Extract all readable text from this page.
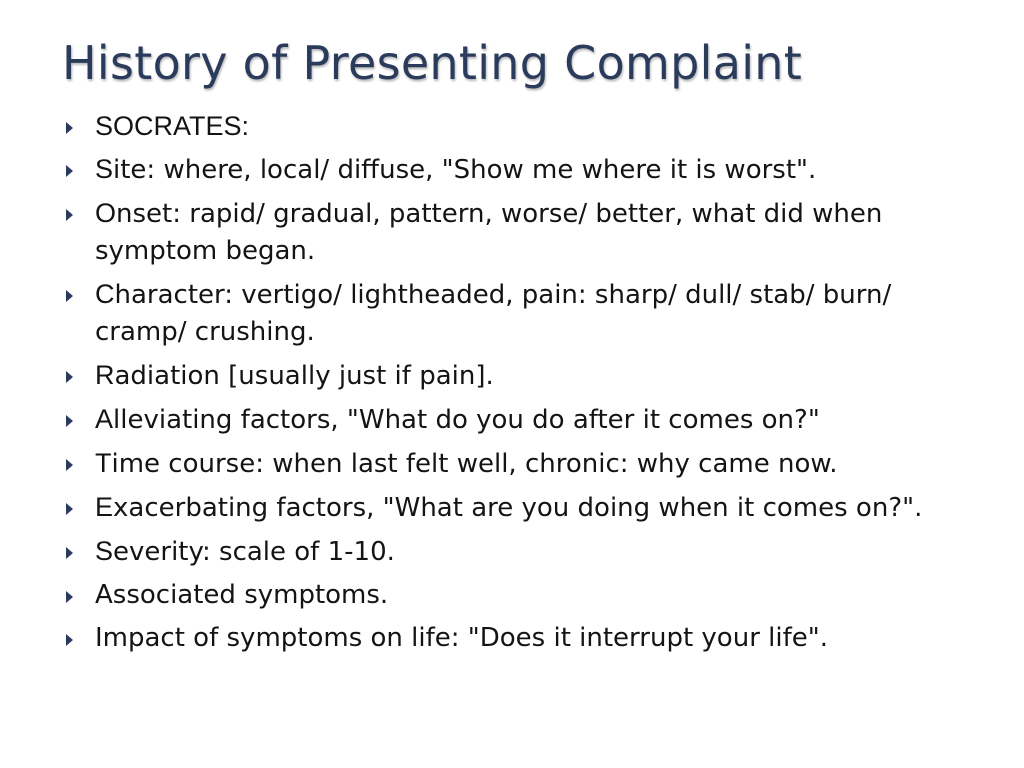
History of Presenting Complaint
SOCRATES:
Site: where, local/ diffuse, "Show me where it is worst".
Onset: rapid/ gradual, pattern, worse/ better, what did when symptom began.
Character: vertigo/ lightheaded, pain: sharp/ dull/ stab/ burn/ cramp/ crushing.
Radiation [usually just if pain].
Alleviating factors, "What do you do after it comes on?"
Time course: when last felt well, chronic: why came now.
Exacerbating factors, "What are you doing when it comes on?".
Severity: scale of 1-10.
Associated symptoms.
Impact of symptoms on life: "Does it interrupt your life".
